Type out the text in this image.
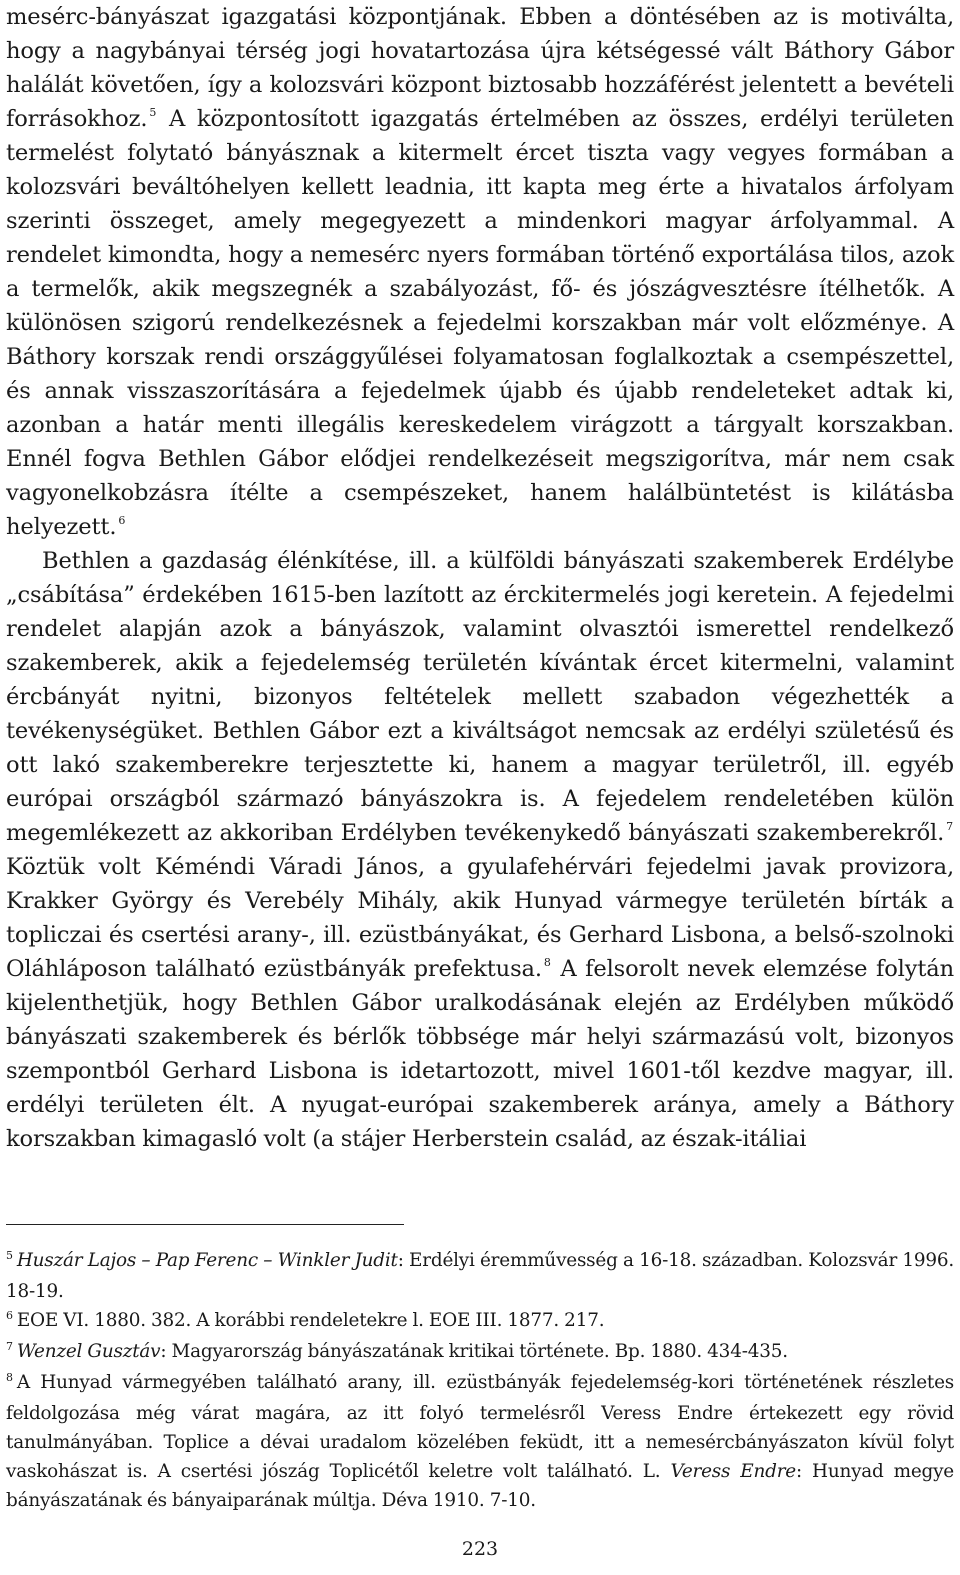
mesérc-bányászat igazgatási központjának. Ebben a döntésében az is motiválta, hogy a nagybányai térség jogi hovatartozása újra kétségessé vált Báthory Gábor halálát követően, így a kolozsvári központ biztosabb hozzáférést jelentett a bevételi forrásokhoz. $^5$ A központosított igazgatás értelmében az összes, erdélyi területen termelést folytató bányásznak a kitermelt ércet tiszta vagy vegyes formában a kolozsvári beváltóhelyen kellett leadnia, itt kapta meg érte a hivatalos árfolyam szerinti összeget, amely megegyezett a mindenkori magyar árfolyammal. A rendelet kimondta, hogy a nemesérc nyers formában történő exportálása tilos, azok a termelők, akik megszegnék a szabályozást, fő- és jószágvesztésre ítélhetők. A különösen szigorú rendelkezésnek a fejedelmi korszakban már volt előzménye. A Báthory korszak rendi országgyűlései folyamatosan foglalkoztak a csempészettel, és annak visszaszorítására a fejedelmek újabb és újabb rendeleteket adtak ki, azonban a határ menti illegális kereskedelem virágzott a tárgyalt korszakban. Ennél fogva Bethlen Gábor elődjei rendelkezéseit megszigorítva, már nem csak vagyonelkobzásra ítélte a csempészeket, hanem halálbüntetést is kilátásba helyezett. $^6$

Bethlen a gazdaság élénkítése, ill. a külföldi bányászati szakemberek Erdélybe „csábítása” érdekében 1615-ben lazított az érckitermelés jogi keretein. A fejedelmi rendelet alapján azok a bányászok, valamint olvasztói ismerettel rendelkező szakemberek, akik a fejedelemség területén kívántak ércet kitermelni, valamint ércbányát nyitni, bizonyos feltételek mellett szabadon végezhették a tevékenységüket. Bethlen Gábor ezt a kiváltságot nemcsak az erdélyi születésű és ott lakó szakemberekre terjesztette ki, hanem a magyar területről, ill. egyéb európai országból származó bányászokra is. A fejedelem rendeletében külön megemlékezett az akkoriban Erdélyben tevékenykedő bányászati szakemberekről. $^7$ Köztük volt Kéméndi Váradi János, a gyulafehérvári fejedelmi javak provizora, Krakker György és Verebély Mihály, akik Hunyad vármegye területén bírták a topliczai és csertési arany-, ill. ezüstbányákat, és Gerhard Lisbona, a belső-szolnoki Oláhláposon található ezüstbányák prefektusa. $^8$ A felsorolt nevek elemzése folytán kijelenthetjük, hogy Bethlen Gábor uralkodásának elején az Erdélyben működő bányászati szakemberek és bérlők többsége már helyi származású volt, bizonyos szempontból Gerhard Lisbona is idetartozott, mivel 1601-től kezdve magyar, ill. erdélyi területen élt. A nyugat-európai szakemberek aránya, amely a Báthory korszakban kimagasló volt (a stájer Herberstein család, az észak-itáliai

$^5$ Huszár Lajos – Pap Ferenc – Winkler Judit: Erdélyi éremművesség a 16-18. században. Kolozsvár 1996. 18-19.

$^6$ EOE VI. 1880. 382. A korábbi rendeletekre l. EOE III. 1877. 217.

$^7$ Wenzel Gusztáv: Magyarország bányászatának kritikai története. Bp. 1880. 434-435.

$^8$ A Hunyad vármegyében található arany, ill. ezüstbányák fejedelemség-kori történetének részletes feldolgozása még várat magára, az itt folyó termelésről Veress Endre értekezett egy rövid tanulmányában. Toplice a dévai uradalom közelében feküdt, itt a nemesércbányászaton kívül folyt vaskohászat is. A csertési jószág Toplicétől keletre volt található. L. Veress Endre: Hunyad megye bányászatának és bányaiparának múltja. Déva 1910. 7-10.

223
